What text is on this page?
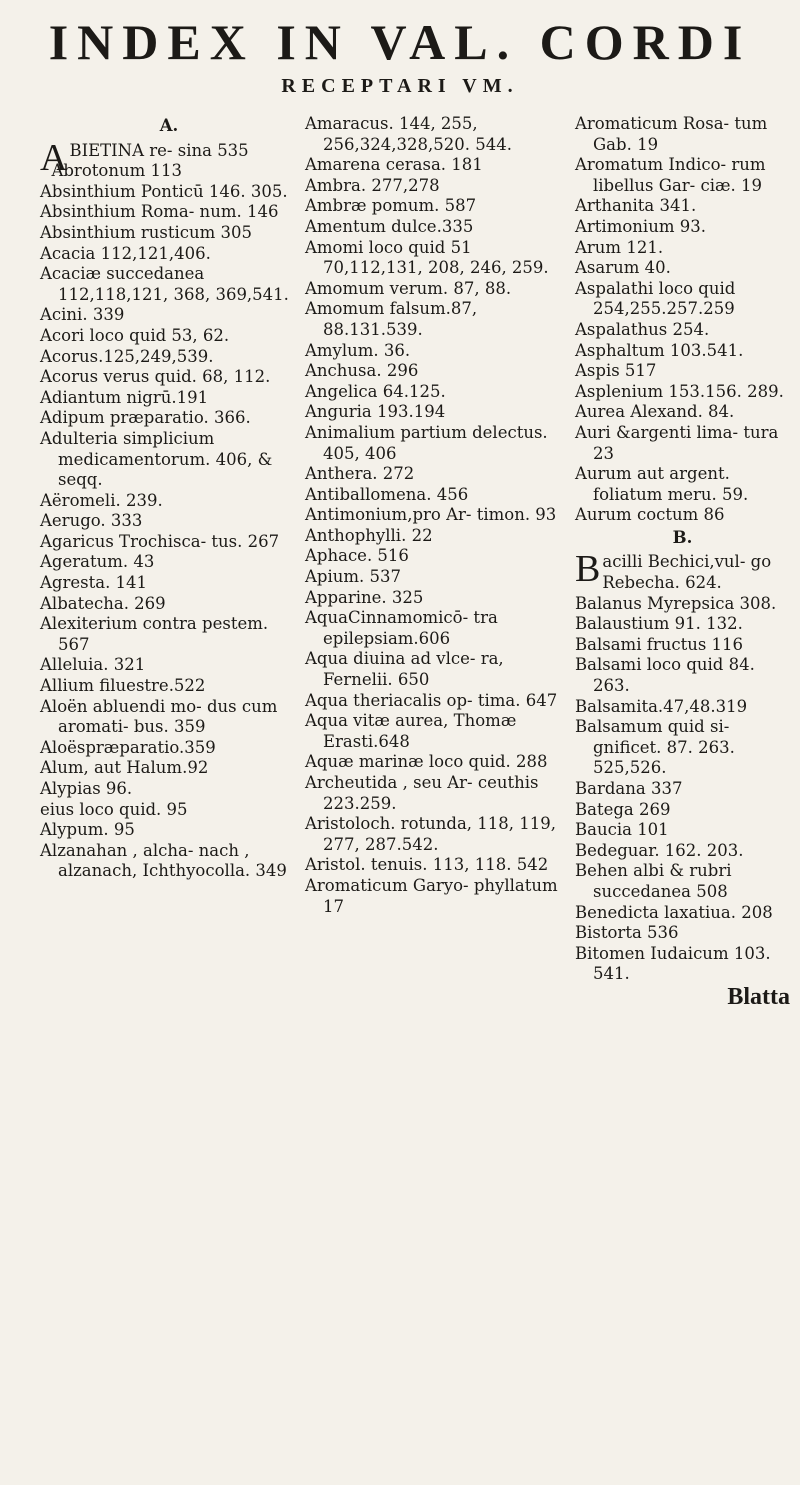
INDEX IN VAL. CORDI
RECEPTARI VM.
A.
A BIETINA re- sina 535
Abrotonum 113
Absinthium Ponticū 146. 305.
Absinthium Roma- num. 146
Absinthium rusticum 305
Acacia 112,121,406.
Acaciæ succedanea 112,118,121, 368, 369,541.
Acini. 339
Acori loco quid 53, 62.
Acorus.125,249,539.
Acorus verus quid. 68, 112.
Adiantum nigrū.191
Adipum præparatio. 366.
Adulteria simplicium medicamentorum. 406, & seqq.
Aëromeli. 239.
Aerugo. 333
Agaricus Trochisca- tus. 267
Ageratum. 43
Agresta. 141
Albatecha. 269
Alexiterium contra pestem. 567
Alleluia. 321
Allium filuestre.522
Aloën abluendi mo- dus cum aromati- bus. 359
Aloëspræparatio.359
Alum, aut Halum.92
Alypias 96.
eius loco quid. 95
Alypum. 95
Alzanahan , alcha- nach , alzanach, Ichthyocolla. 349
Amaracus. 144, 255, 256,324,328,520. 544.
Amarena cerasa. 181
Ambra. 277,278
Ambræ pomum. 587
Amentum dulce.335
Amomi loco quid 51 70,112,131, 208, 246, 259.
Amomum verum. 87, 88.
Amomum falsum.87, 88.131.539.
Amylum. 36.
Anchusa. 296
Angelica 64.125.
Anguria 193.194
Animalium partium delectus. 405, 406
Anthera. 272
Antiballomena. 456
Antimonium,pro Ar- timon. 93
Anthophylli. 22
Aphace. 516
Apium. 537
Apparine. 325
AquaCinnamomicō- tra epilepsiam.606
Aqua diuina ad vlce- ra, Fernelii. 650
Aqua theriacalis op- tima. 647
Aqua vitæ aurea, Thomæ Erasti.648
Aquæ marinæ loco quid. 288
Archeutida , seu Ar- ceuthis 223.259.
Aristoloch. rotunda, 118, 119, 277, 287.542.
Aristol. tenuis. 113, 118. 542
Aromaticum Garyo- phyllatum 17
Aromaticum Rosa- tum Gab. 19
Aromatum Indico- rum libellus Gar- ciæ. 19
Arthanita 341.
Artimonium 93.
Arum 121.
Asarum 40.
Aspalathi loco quid 254,255.257.259
Aspalathus 254.
Asphaltum 103.541.
Aspis 517
Asplenium 153.156. 289.
Aurea Alexand. 84.
Auri &argenti lima- tura 23
Aurum aut argent. foliatum meru. 59.
Aurum coctum 86
B.
B acilli Bechici,vul- go Rebecha. 624.
Balanus Myrepsica 308.
Balaustium 91. 132.
Balsami fructus 116
Balsami loco quid 84. 263.
Balsamita.47,48.319
Balsamum quid si- gnificet. 87. 263. 525,526.
Bardana 337
Batega 269
Baucia 101
Bedeguar. 162. 203.
Behen albi & rubri succedanea 508
Benedicta laxatiua. 208
Bistorta 536
Bitomen Iudaicum 103. 541.
Blatta
